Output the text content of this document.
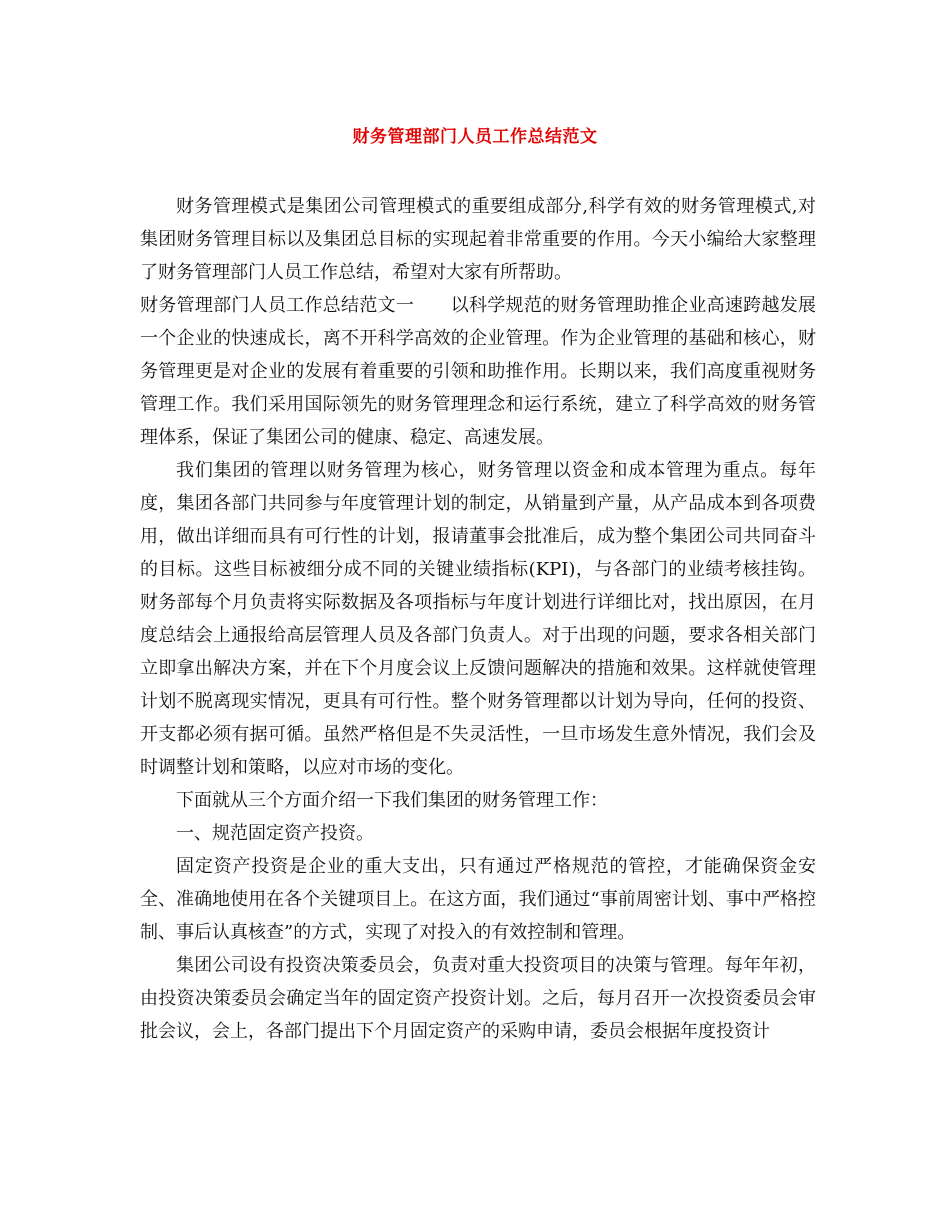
财务管理部门人员工作总结范文

财务管理模式是集团公司管理模式的重要组成部分,科学有效的财务管理模式,对集团财务管理目标以及集团总目标的实现起着非常重要的作用。今天小编给大家整理了财务管理部门人员工作总结，希望对大家有所帮助。

财务管理部门人员工作总结范文一　　以科学规范的财务管理助推企业高速跨越发展一个企业的快速成长，离不开科学高效的企业管理。作为企业管理的基础和核心，财务管理更是对企业的发展有着重要的引领和助推作用。长期以来，我们高度重视财务管理工作。我们采用国际领先的财务管理理念和运行系统，建立了科学高效的财务管理体系，保证了集团公司的健康、稳定、高速发展。

我们集团的管理以财务管理为核心，财务管理以资金和成本管理为重点。每年度，集团各部门共同参与年度管理计划的制定，从销量到产量，从产品成本到各项费用，做出详细而具有可行性的计划，报请董事会批准后，成为整个集团公司共同奋斗的目标。这些目标被细分成不同的关键业绩指标(KPI)，与各部门的业绩考核挂钩。财务部每个月负责将实际数据及各项指标与年度计划进行详细比对，找出原因，在月度总结会上通报给高层管理人员及各部门负责人。对于出现的问题，要求各相关部门立即拿出解决方案，并在下个月度会议上反馈问题解决的措施和效果。这样就使管理计划不脱离现实情况，更具有可行性。整个财务管理都以计划为导向，任何的投资、开支都必须有据可循。虽然严格但是不失灵活性，一旦市场发生意外情况，我们会及时调整计划和策略，以应对市场的变化。

下面就从三个方面介绍一下我们集团的财务管理工作：

一、规范固定资产投资。

固定资产投资是企业的重大支出，只有通过严格规范的管控，才能确保资金安全、准确地使用在各个关键项目上。在这方面，我们通过“事前周密计划、事中严格控制、事后认真核查”的方式，实现了对投入的有效控制和管理。

集团公司设有投资决策委员会，负责对重大投资项目的决策与管理。每年年初，由投资决策委员会确定当年的固定资产投资计划。之后，每月召开一次投资委员会审批会议，会上，各部门提出下个月固定资产的采购申请，委员会根据年度投资计
